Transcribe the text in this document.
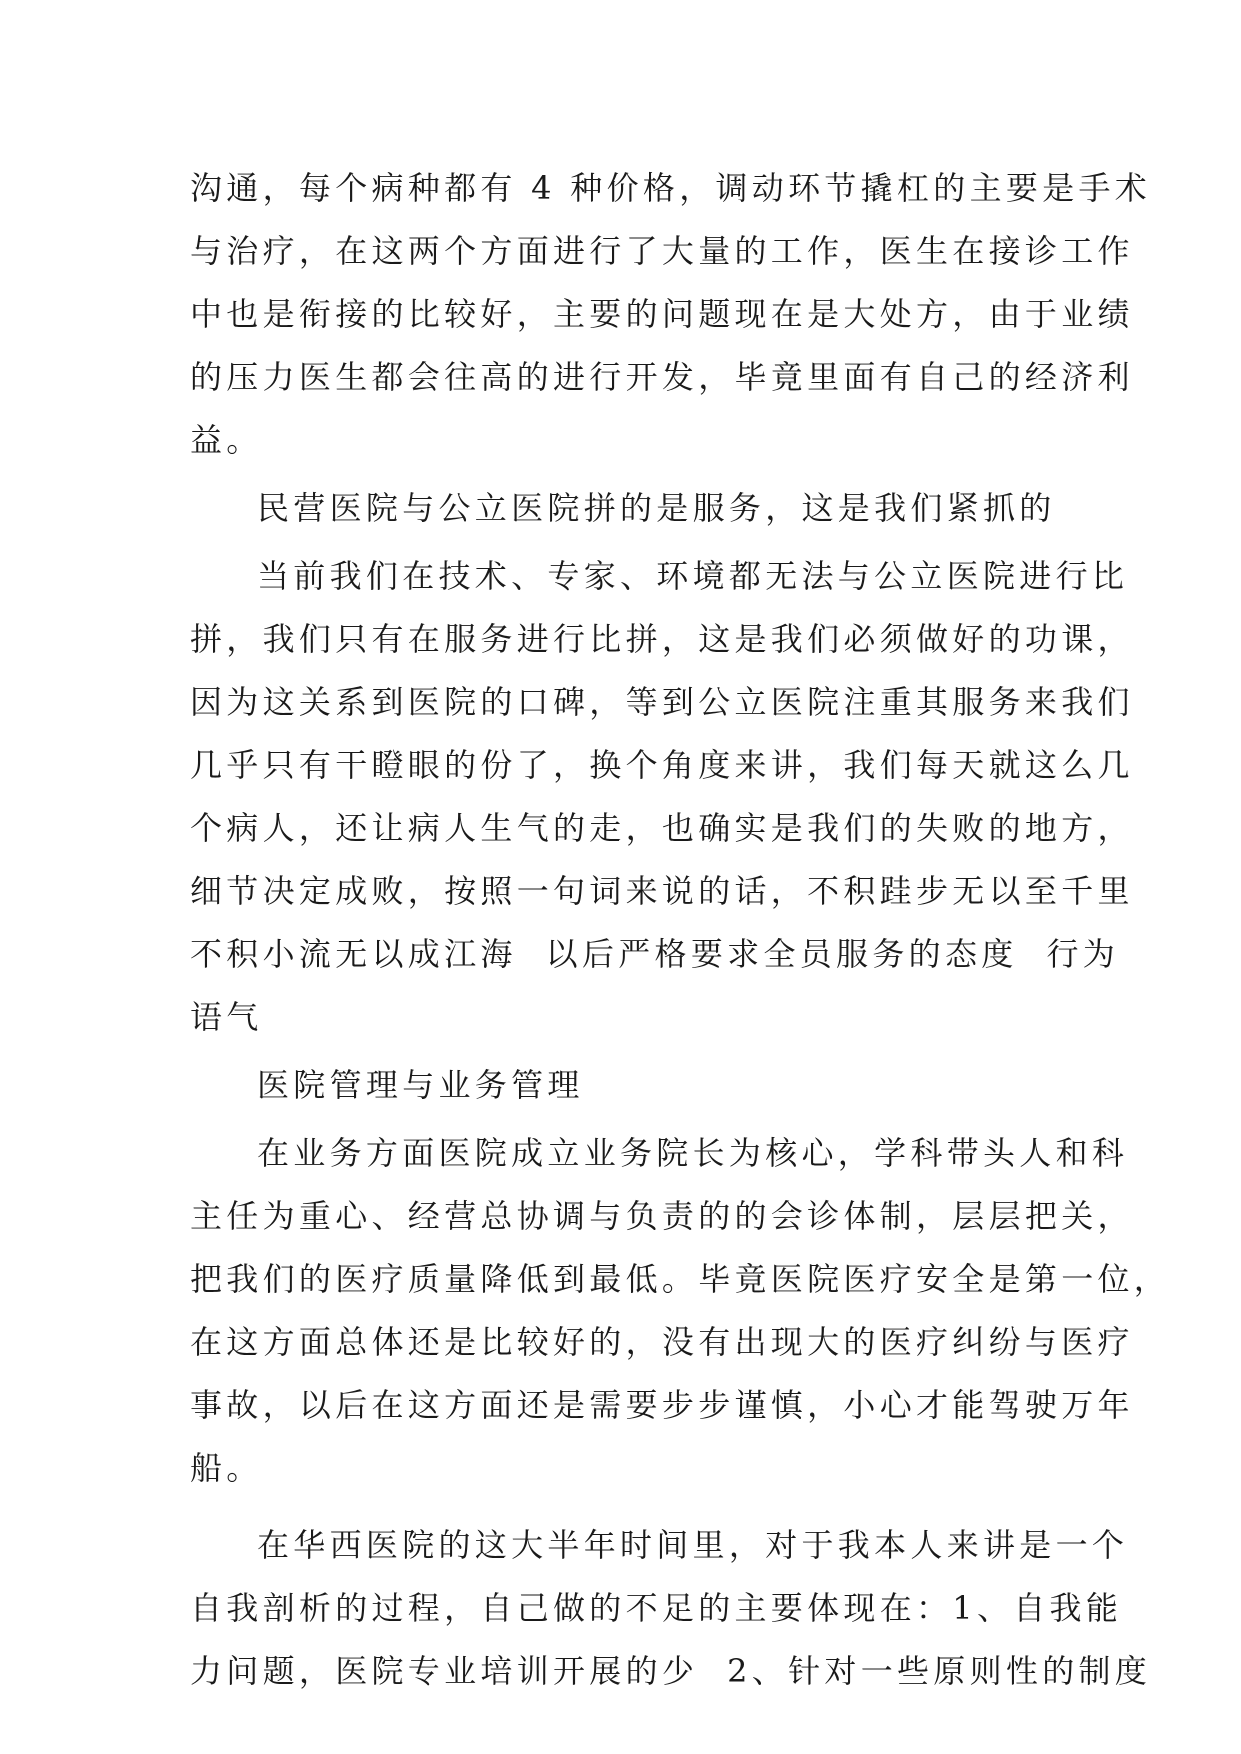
沟通，每个病种都有 4 种价格，调动环节撬杠的主要是手术
与治疗，在这两个方面进行了大量的工作，医生在接诊工作
中也是衔接的比较好，主要的问题现在是大处方，由于业绩
的压力医生都会往高的进行开发，毕竟里面有自己的经济利
益。
民营医院与公立医院拼的是服务，这是我们紧抓的
当前我们在技术、专家、环境都无法与公立医院进行比
拼，我们只有在服务进行比拼，这是我们必须做好的功课，
因为这关系到医院的口碑，等到公立医院注重其服务来我们
几乎只有干瞪眼的份了，换个角度来讲，我们每天就这么几
个病人，还让病人生气的走，也确实是我们的失败的地方，
细节决定成败，按照一句词来说的话，不积跬步无以至千里
不积小流无以成江海  以后严格要求全员服务的态度  行为
语气
医院管理与业务管理
在业务方面医院成立业务院长为核心，学科带头人和科
主任为重心、经营总协调与负责的的会诊体制，层层把关，
把我们的医疗质量降低到最低。毕竟医院医疗安全是第一位，
在这方面总体还是比较好的，没有出现大的医疗纠纷与医疗
事故，以后在这方面还是需要步步谨慎，小心才能驾驶万年
船。
在华西医院的这大半年时间里，对于我本人来讲是一个
自我剖析的过程，自己做的不足的主要体现在：1、自我能
力问题，医院专业培训开展的少  2、针对一些原则性的制度
